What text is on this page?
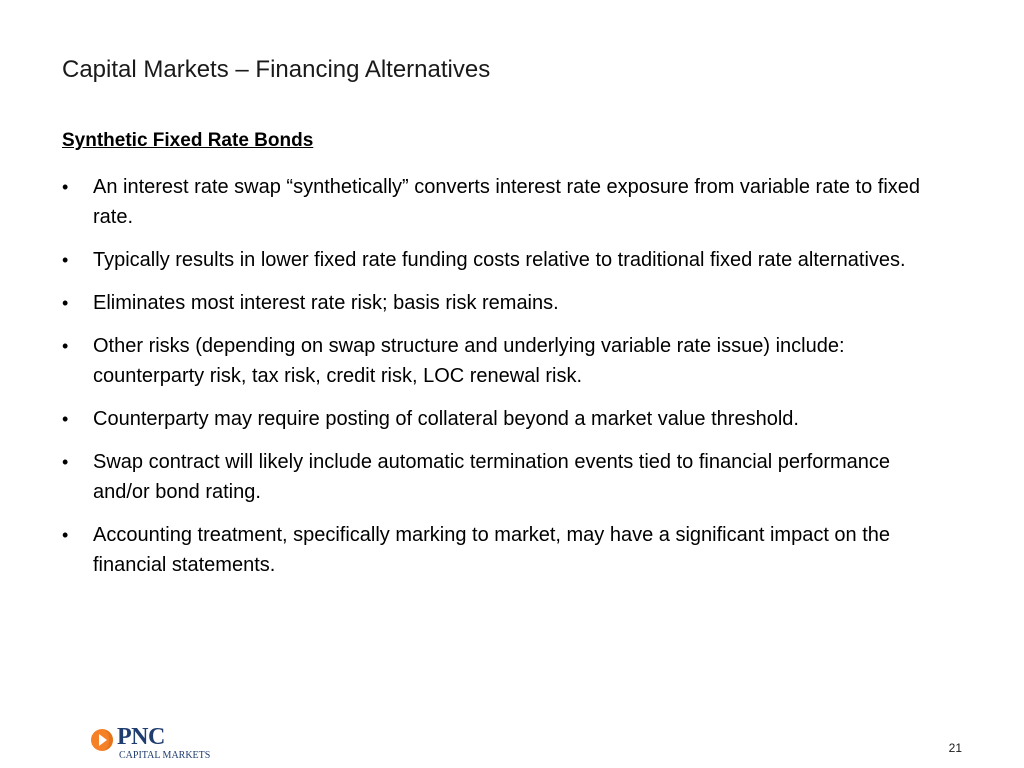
Capital Markets – Financing Alternatives
Synthetic Fixed Rate Bonds
• An interest rate swap “synthetically” converts interest rate exposure from variable rate to fixed rate.
• Typically results in lower fixed rate funding costs relative to traditional fixed rate alternatives.
• Eliminates most interest rate risk; basis risk remains.
• Other risks (depending on swap structure and underlying variable rate issue) include: counterparty risk, tax risk, credit risk, LOC renewal risk.
• Counterparty may require posting of collateral beyond a market value threshold.
• Swap contract will likely include automatic termination events tied to financial performance and/or bond rating.
• Accounting treatment, specifically marking to market, may have a significant impact on the financial statements.
PNC
CAPITAL MARKETS
21
